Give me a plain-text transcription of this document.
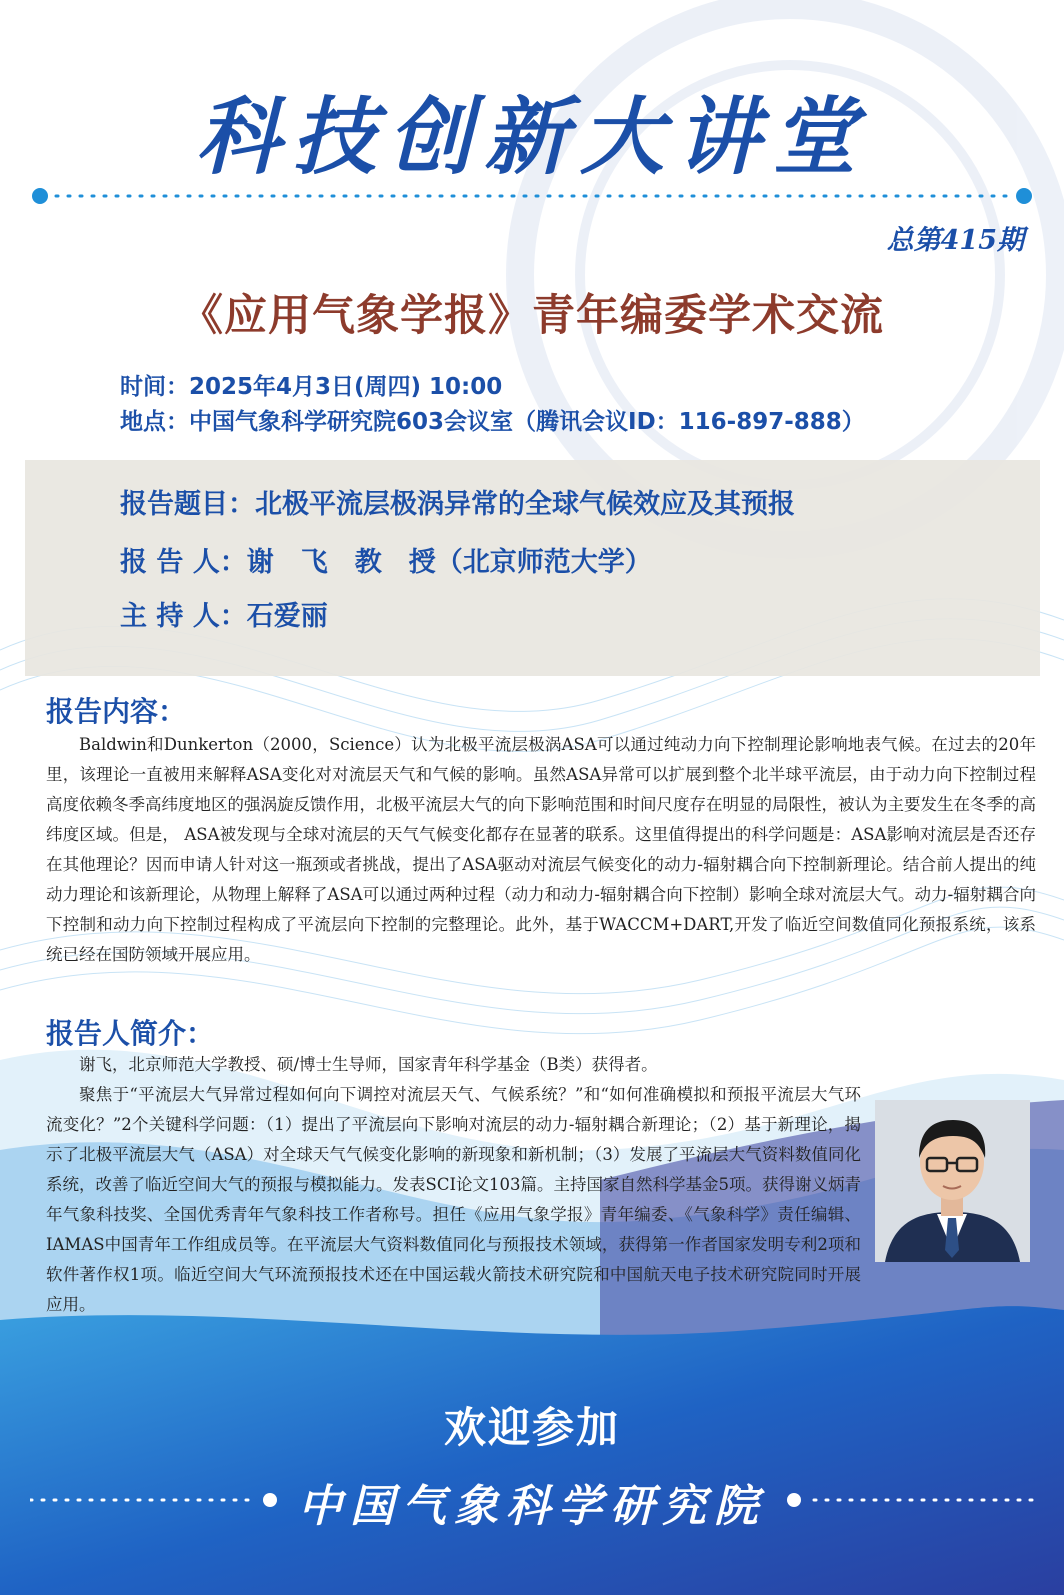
科技创新大讲堂
总第415期
《应用气象学报》青年编委学术交流
时间：2025年4月3日(周四) 10:00
地点：中国气象科学研究院603会议室（腾讯会议ID：116-897-888）
报告题目：北极平流层极涡异常的全球气候效应及其预报
报 告 人：谢　飞　教　授（北京师范大学）
主 持 人：石爱丽
报告内容：

Baldwin和Dunkerton（2000，Science）认为北极平流层极涡ASA可以通过纯动力向下控制理论影响地表气候。在过去的20年里，该理论一直被用来解释ASA变化对对流层天气和气候的影响。虽然ASA异常可以扩展到整个北半球平流层，由于动力向下控制过程高度依赖冬季高纬度地区的强涡旋反馈作用，北极平流层大气的向下影响范围和时间尺度存在明显的局限性，被认为主要发生在冬季的高纬度区域。但是， ASA被发现与全球对流层的天气气候变化都存在显著的联系。这里值得提出的科学问题是：ASA影响对流层是否还存在其他理论？因而申请人针对这一瓶颈或者挑战，提出了ASA驱动对流层气候变化的动力-辐射耦合向下控制新理论。结合前人提出的纯动力理论和该新理论，从物理上解释了ASA可以通过两种过程（动力和动力-辐射耦合向下控制）影响全球对流层大气。动力-辐射耦合向下控制和动力向下控制过程构成了平流层向下控制的完整理论。此外，基于WACCM+DART,开发了临近空间数值同化预报系统，该系统已经在国防领域开展应用。

报告人简介：

谢飞，北京师范大学教授、硕/博士生导师，国家青年科学基金（B类）获得者。

聚焦于“平流层大气异常过程如何向下调控对流层天气、气候系统？”和“如何准确模拟和预报平流层大气环流变化？”2个关键科学问题：（1）提出了平流层向下影响对流层的动力-辐射耦合新理论；（2）基于新理论，揭示了北极平流层大气（ASA）对全球天气气候变化影响的新现象和新机制；（3）发展了平流层大气资料数值同化系统，改善了临近空间大气的预报与模拟能力。发表SCI论文103篇。主持国家自然科学基金5项。获得谢义炳青年气象科技奖、全国优秀青年气象科技工作者称号。担任《应用气象学报》青年编委、《气象科学》责任编辑、IAMAS中国青年工作组成员等。在平流层大气资料数值同化与预报技术领域，获得第一作者国家发明专利2项和软件著作权1项。临近空间大气环流预报技术还在中国运载火箭技术研究院和中国航天电子技术研究院同时开展应用。

欢迎参加
中国气象科学研究院
